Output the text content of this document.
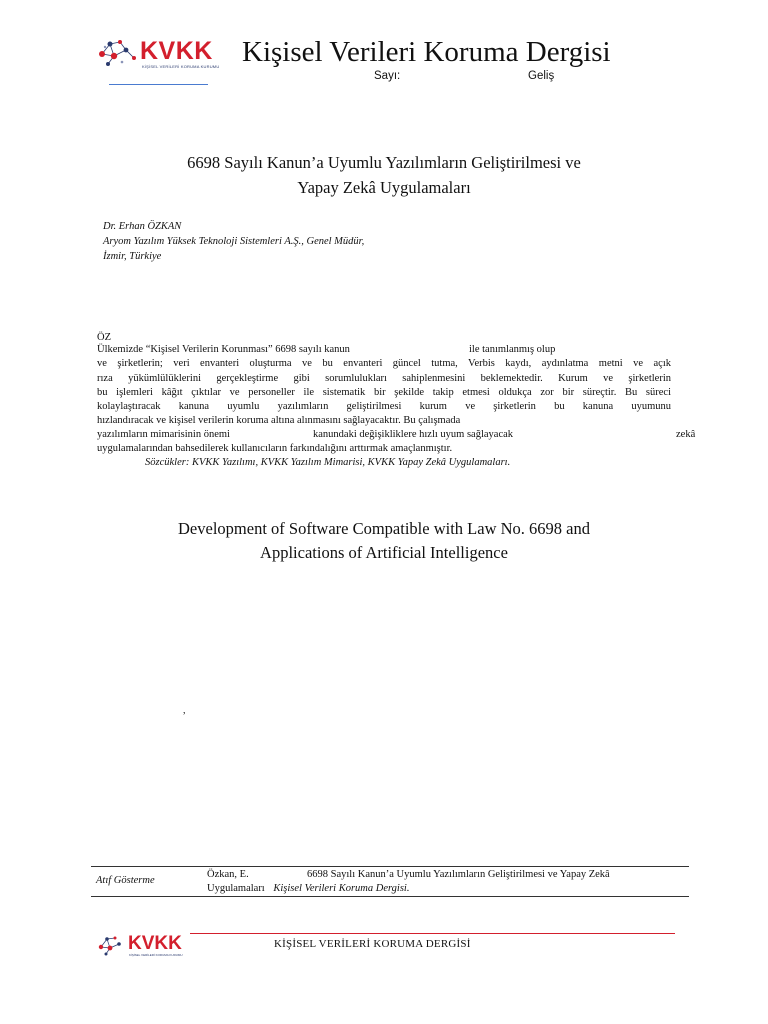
KVKK
KİŞİSEL VERİLERİ KORUMA KURUMU Kişisel Verileri Koruma Dergisi
Sayı:	Geliş
6698 Sayılı Kanun’a Uyumlu Yazılımların Geliştirilmesi ve
Yapay Zekâ Uygulamaları
Dr. Erhan ÖZKAN
Aryom Yazılım Yüksek Teknoloji Sistemleri A.Ş., Genel Müdür,
İzmir, Türkiye
ÖZ
Ülkemizde “Kişisel Verilerin Korunması” 6698 sayılı kanun	ile tanımlanmış olup
ve şirketlerin; veri envanteri oluşturma ve bu envanteri güncel tutma, Verbis kaydı, aydınlatma metni ve açık
rıza yükümlülüklerini gerçekleştirme gibi sorumlulukları sahiplenmesini beklemektedir. Kurum ve şirketlerin
bu işlemleri kâğıt çıktılar ve personeller ile sistematik bir şekilde takip etmesi oldukça zor bir süreçtir. Bu süreci
kolaylaştıracak kanuna uyumlu yazılımların geliştirilmesi kurum ve şirketlerin bu kanuna uyumunu
hızlandıracak ve kişisel verilerin koruma altına alınmasını sağlayacaktır. Bu çalışmada
yazılımların mimarisinin önemi	kanundaki değişikliklere hızlı uyum sağlayacak	zekâ
uygulamalarından bahsedilerek kullanıcıların farkındalığını arttırmak amaçlanmıştır.
Sözcükler: KVKK Yazılımı, KVKK Yazılım Mimarisi, KVKK Yapay Zekâ Uygulamaları.
Development of Software Compatible with Law No. 6698 and
Applications of Artificial Intelligence
,
Atıf Gösterme
Özkan, E.	6698 Sayılı Kanun’a Uyumlu Yazılımların Geliştirilmesi ve Yapay Zekâ
Uygulamaları Kişisel Verileri Koruma Dergisi.
KVKK
KİŞİSEL VERİLERİ KORUMA KURUMU
KİŞİSEL VERİLERİ KORUMA DERGİSİ
